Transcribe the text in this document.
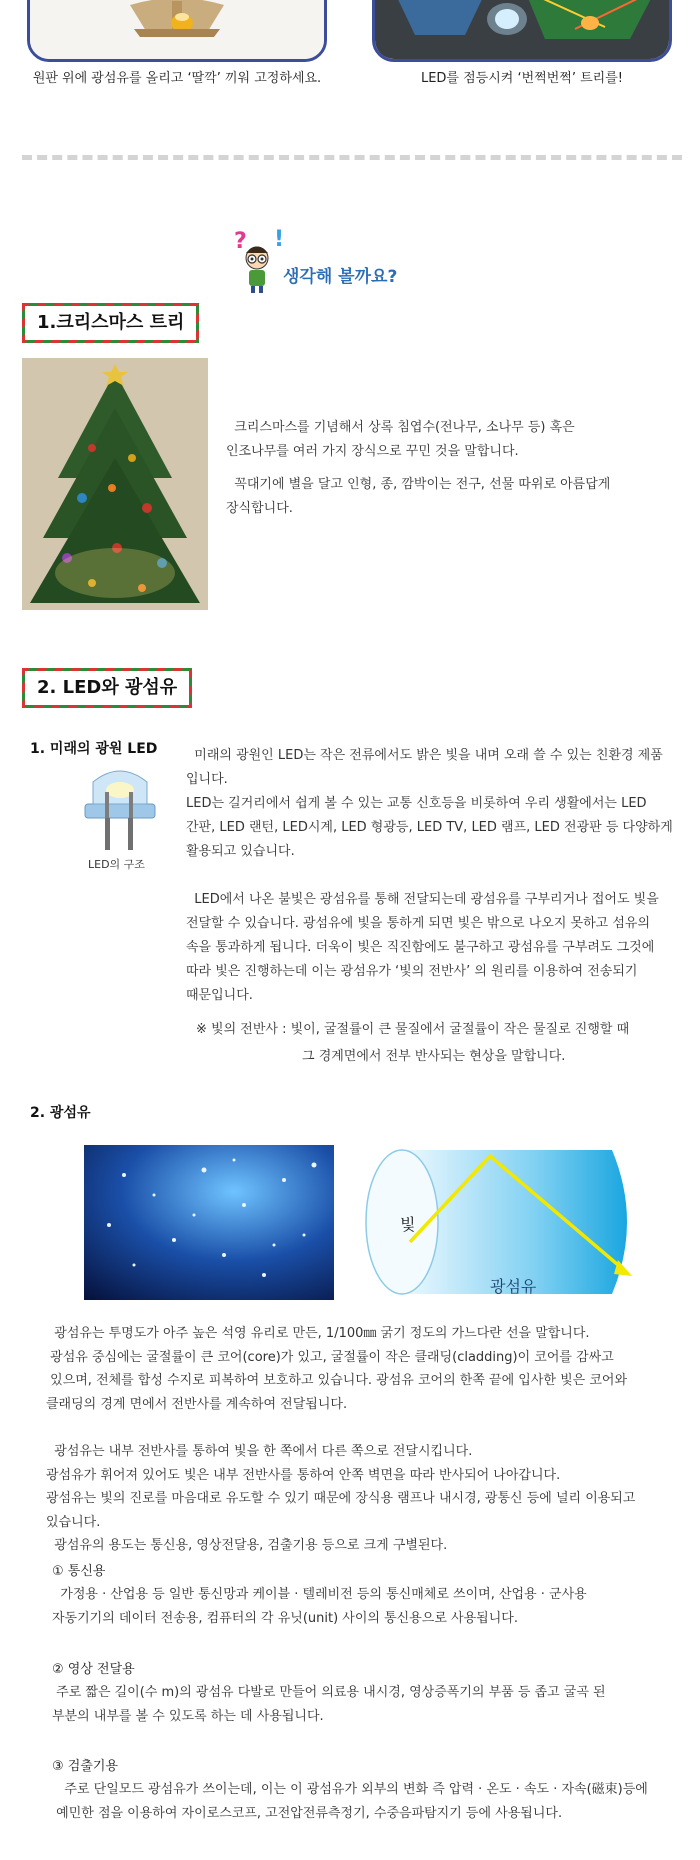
원판 위에 광섬유를 올리고 ‘딸깍’ 끼워 고정하세요.	LED를 점등시켜 ‘번쩍번쩍’ 트리를!
? !
생각해 볼까요?
1.크리스마스 트리
크리스마스를 기념해서 상록 침엽수(전나무, 소나무 등) 혹은
인조나무를 여러 가지 장식으로 꾸민 것을 말합니다.
꼭대기에 별을 달고 인형, 종, 깜박이는 전구, 선물 따위로 아름답게
장식합니다.
2. LED와 광섬유
1. 미래의 광원 LED
LED의 구조
미래의 광원인 LED는 작은 전류에서도 밝은 빛을 내며 오래 쓸 수 있는 친환경 제품
입니다.
LED는 길거리에서 쉽게 볼 수 있는 교통 신호등을 비롯하여 우리 생활에서는 LED
간판, LED 랜턴, LED시계, LED 형광등, LED TV, LED 램프, LED 전광판 등 다양하게
활용되고 있습니다.
LED에서 나온 불빛은 광섬유를 통해 전달되는데 광섬유를 구부리거나 접어도 빛을
전달할 수 있습니다. 광섬유에 빛을 통하게 되면 빛은 밖으로 나오지 못하고 섬유의
속을 통과하게 됩니다. 더욱이 빛은 직진함에도 불구하고 광섬유를 구부려도 그것에
따라 빛은 진행하는데 이는 광섬유가 ‘빛의 전반사’ 의 원리를 이용하여 전송되기
때문입니다.
※ 빛의 전반사 : 빛이, 굴절률이 큰 물질에서 굴절률이 작은 물질로 진행할 때
그 경계면에서 전부 반사되는 현상을 말합니다.
2. 광섬유
빛
광섬유
광섬유는 투명도가 아주 높은 석영 유리로 만든, 1/100㎜ 굵기 정도의 가느다란 선을 말합니다.
광섬유 중심에는 굴절률이 큰 코어(core)가 있고, 굴절률이 작은 클래딩(cladding)이 코어를 감싸고
있으며, 전체를 합성 수지로 피복하여 보호하고 있습니다. 광섬유 코어의 한쪽 끝에 입사한 빛은 코어와
클래딩의 경계 면에서 전반사를 계속하여 전달됩니다.
광섬유는 내부 전반사를 통하여 빛을 한 쪽에서 다른 쪽으로 전달시킵니다.
광섬유가 휘어져 있어도 빛은 내부 전반사를 통하여 안쪽 벽면을 따라 반사되어 나아갑니다.
광섬유는 빛의 진로를 마음대로 유도할 수 있기 때문에 장식용 램프나 내시경, 광통신 등에 널리 이용되고
있습니다.
광섬유의 용도는 통신용, 영상전달용, 검출기용 등으로 크게 구별된다.
① 통신용
가정용 · 산업용 등 일반 통신망과 케이블 · 텔레비전 등의 통신매체로 쓰이며, 산업용 · 군사용
자동기기의 데이터 전송용, 컴퓨터의 각 유닛(unit) 사이의 통신용으로 사용됩니다.
② 영상 전달용
주로 짧은 길이(수 m)의 광섬유 다발로 만들어 의료용 내시경, 영상증폭기의 부품 등 좁고 굴곡 된
부분의 내부를 볼 수 있도록 하는 데 사용됩니다.
③ 검출기용
주로 단일모드 광섬유가 쓰이는데, 이는 이 광섬유가 외부의 변화 즉 압력 · 온도 · 속도 · 자속(磁束)등에
예민한 점을 이용하여 자이로스코프, 고전압전류측정기, 수중음파탐지기 등에 사용됩니다.
